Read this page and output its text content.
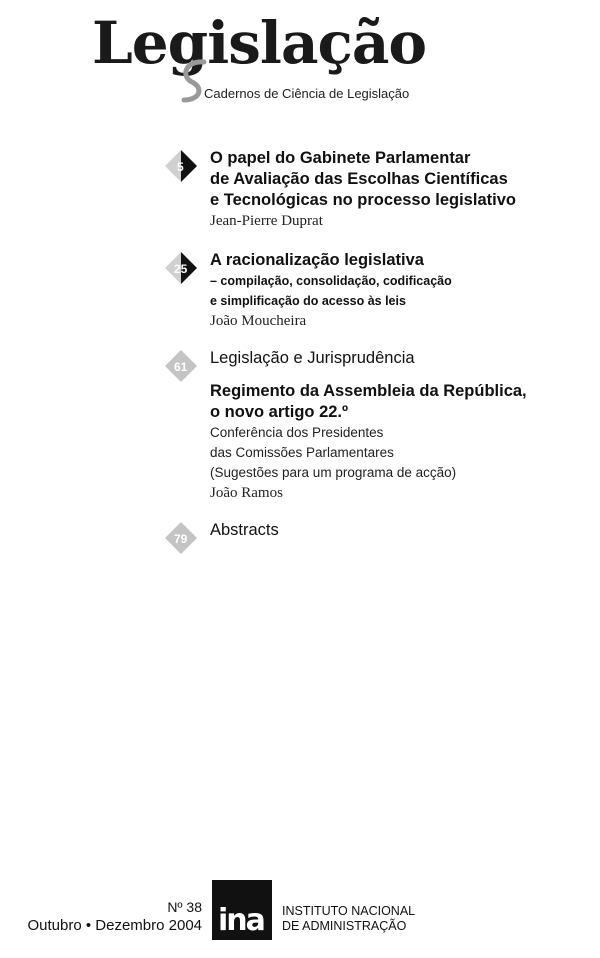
Legislação
Cadernos de Ciência de Legislação
5 O papel do Gabinete Parlamentar
de Avaliação das Escolhas Científicas
e Tecnológicas no processo legislativo
Jean-Pierre Duprat
25 A racionalização legislativa
– compilação, consolidação, codificação
e simplificação do acesso às leis
João Moucheira
61 Legislação e Jurisprudência
Regimento da Assembleia da República,
o novo artigo 22.º
Conferência dos Presidentes
das Comissões Parlamentares
(Sugestões para um programa de acção)
João Ramos
79 Abstracts
Nº 38
Outubro • Dezembro 2004 ina INSTITUTO NACIONAL
DE ADMINISTRAÇÃO
